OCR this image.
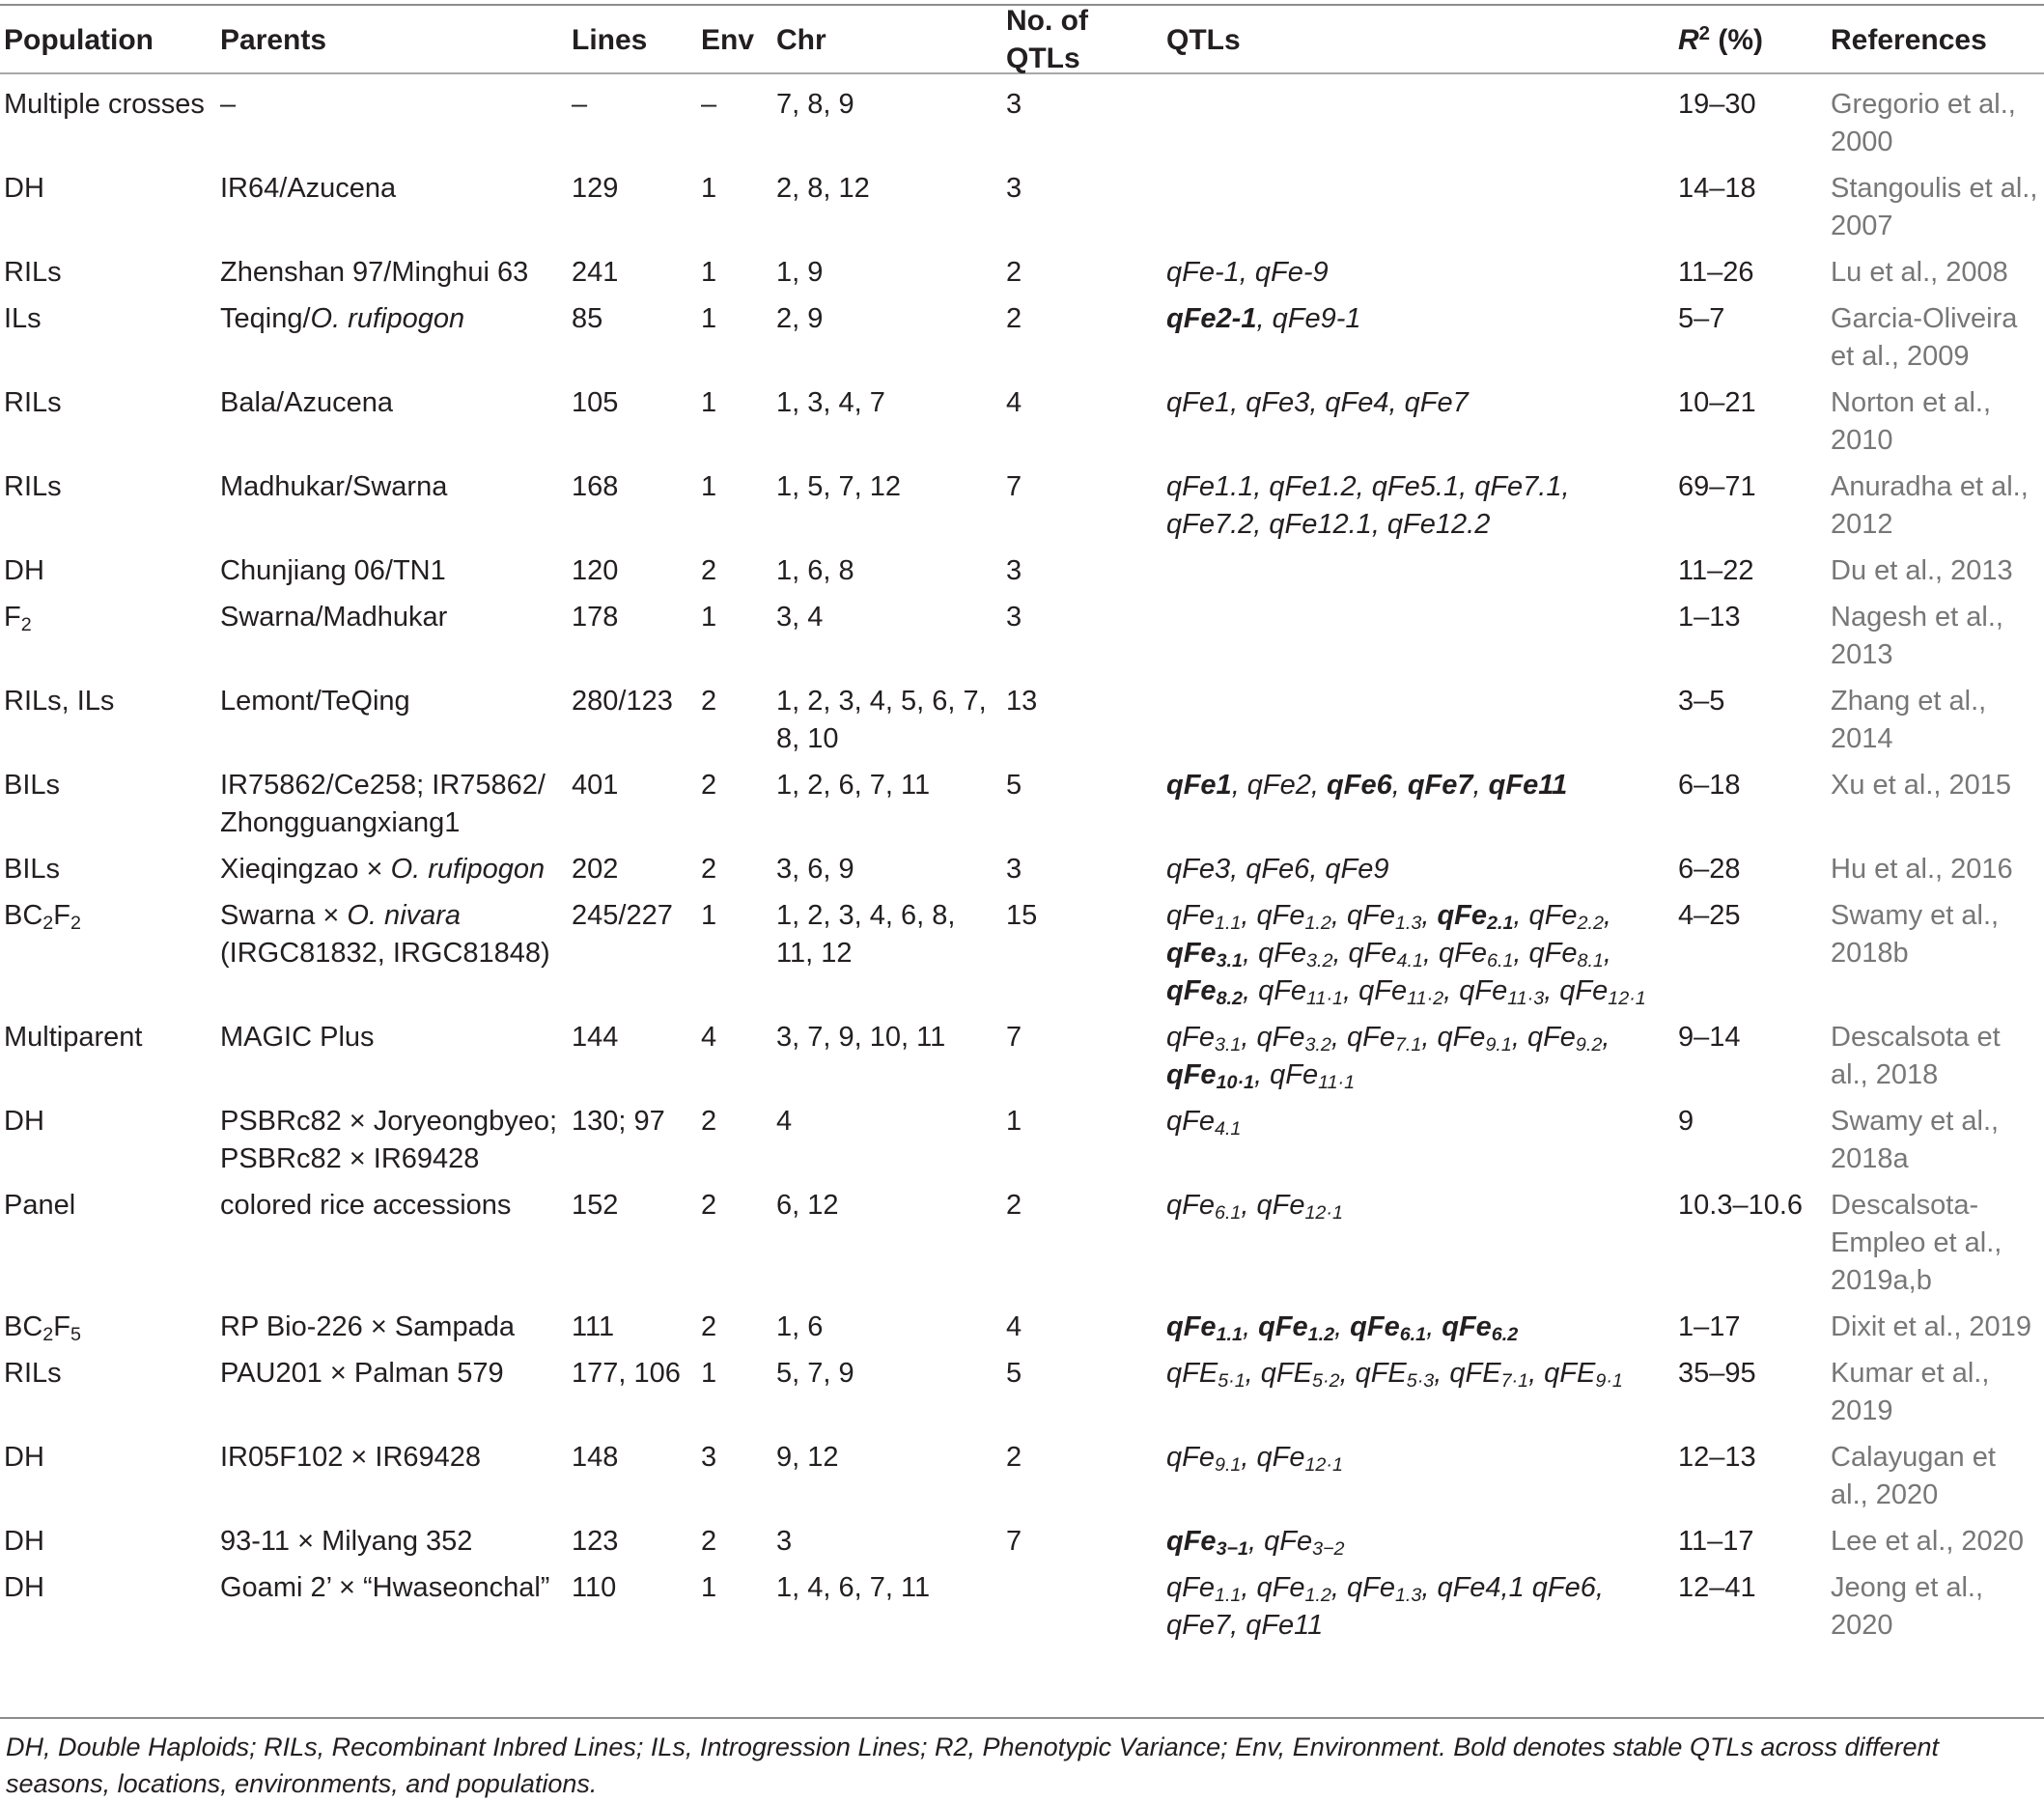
Population	Parents	Lines	Env	Chr	No. of QTLs	QTLs	$R^2$ (%)	References
Multiple crosses	–	–	–	7, 8, 9	3		19–30	Gregorio et al., 2000
DH	IR64/Azucena	129	1	2, 8, 12	3		14–18	Stangoulis et al., 2007
RILs	Zhenshan 97/Minghui 63	241	1	1, 9	2	qFe-1, qFe-9	11–26	Lu et al., 2008
ILs	Teqing/O. rufipogon	85	1	2, 9	2	qFe2-1, qFe9-1	5–7	Garcia-Oliveira et al., 2009
RILs	Bala/Azucena	105	1	1, 3, 4, 7	4	qFe1, qFe3, qFe4, qFe7	10–21	Norton et al., 2010
RILs	Madhukar/Swarna	168	1	1, 5, 7, 12	7	qFe1.1, qFe1.2, qFe5.1, qFe7.1, qFe7.2, qFe12.1, qFe12.2	69–71	Anuradha et al., 2012
DH	Chunjiang 06/TN1	120	2	1, 6, 8	3		11–22	Du et al., 2013
$F_2$	Swarna/Madhukar	178	1	3, 4	3		1–13	Nagesh et al., 2013
RILs, ILs	Lemont/TeQing	280/123	2	1, 2, 3, 4, 5, 6, 7, 8, 10	13		3–5	Zhang et al., 2014
BILs	IR75862/Ce258; IR75862/ Zhongguangxiang1	401	2	1, 2, 6, 7, 11	5	qFe1, qFe2, qFe6, qFe7, qFe11	6–18	Xu et al., 2015
BILs	Xieqingzao × O. rufipogon	202	2	3, 6, 9	3	qFe3, qFe6, qFe9	6–28	Hu et al., 2016
$BC_2F_2$	Swarna × O. nivara (IRGC81832, IRGC81848)	245/227	1	1, 2, 3, 4, 6, 8, 11, 12	15	qFe$_{1.1}$, qFe$_{1.2}$, qFe$_{1.3}$, qFe$_{2.1}$, qFe$_{2.2}$, qFe$_{3.1}$, qFe$_{3.2}$, qFe$_{4.1}$, qFe$_{6.1}$, qFe$_{8.1}$, qFe$_{8.2}$, qFe$_{11\cdot 1}$, qFe$_{11\cdot 2}$, qFe$_{11\cdot 3}$, qFe$_{12\cdot 1}$	4–25	Swamy et al., 2018b
Multiparent	MAGIC Plus	144	4	3, 7, 9, 10, 11	7	qFe$_{3.1}$, qFe$_{3.2}$, qFe$_{7.1}$, qFe$_{9.1}$, qFe$_{9.2}$, qFe$_{10\cdot 1}$, qFe$_{11\cdot 1}$	9–14	Descalsota et al., 2018
DH	PSBRc82 × Joryeongbyeo; PSBRc82 × IR69428	130; 97	2	4	1	qFe$_{4.1}$	9	Swamy et al., 2018a
Panel	colored rice accessions	152	2	6, 12	2	qFe$_{6.1}$, qFe$_{12\cdot 1}$	10.3–10.6	Descalsota-Empleo et al., 2019a,b
$BC_2F_5$	RP Bio-226 × Sampada	111	2	1, 6	4	qFe$_{1.1}$, qFe$_{1.2}$, qFe$_{6.1}$, qFe$_{6.2}$	1–17	Dixit et al., 2019
RILs	PAU201 × Palman 579	177, 106	1	5, 7, 9	5	qFE$_{5\cdot 1}$, qFE$_{5\cdot 2}$, qFE$_{5\cdot 3}$, qFE$_{7\cdot 1}$, qFE$_{9\cdot 1}$	35–95	Kumar et al., 2019
DH	IR05F102 × IR69428	148	3	9, 12	2	qFe$_{9.1}$, qFe$_{12\cdot 1}$	12–13	Calayugan et al., 2020
DH	93-11 × Milyang 352	123	2	3	7	qFe$_{3-1}$, qFe$_{3-2}$	11–17	Lee et al., 2020
DH	Goami 2’ × “Hwaseonchal”	110	1	1, 4, 6, 7, 11		qFe$_{1.1}$, qFe$_{1.2}$, qFe$_{1.3}$, qFe4,1 qFe6, qFe7, qFe11	12–41	Jeong et al., 2020
DH, Double Haploids; RILs, Recombinant Inbred Lines; ILs, Introgression Lines; R2, Phenotypic Variance; Env, Environment. Bold denotes stable QTLs across different seasons, locations, environments, and populations.
